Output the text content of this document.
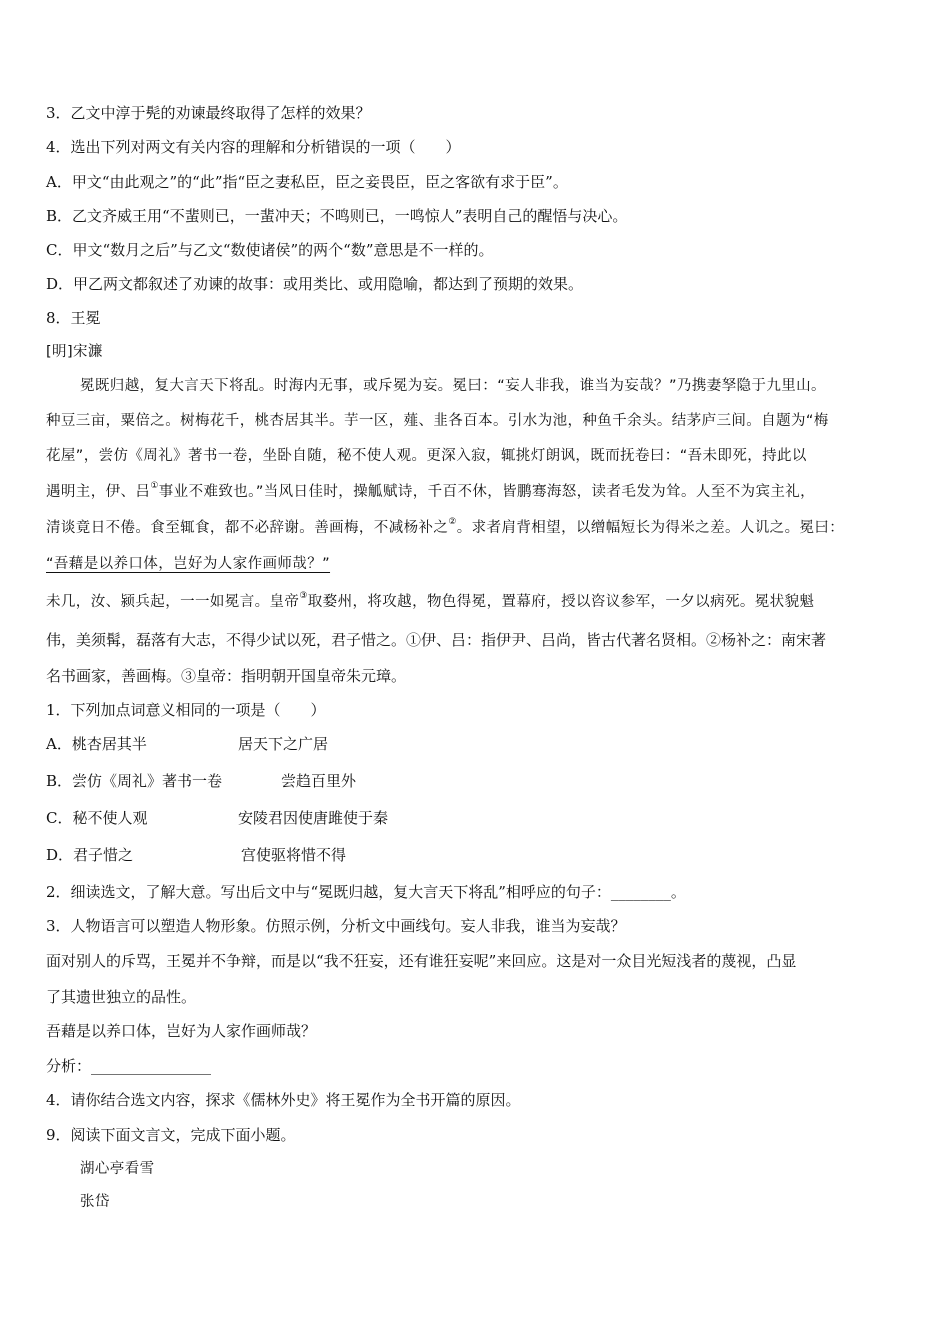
3．乙文中淳于髡的劝谏最终取得了怎样的效果？
4．选出下列对两文有关内容的理解和分析错误的一项（　　）
A．甲文“由此观之”的“此”指“臣之妻私臣，臣之妾畏臣，臣之客欲有求于臣”。
B．乙文齐威王用“不蜚则已，一蜚冲天；不鸣则已，一鸣惊人”表明自己的醒悟与决心。
C．甲文“数月之后”与乙文“数使诸侯”的两个“数”意思是不一样的。
D．甲乙两文都叙述了劝谏的故事：或用类比、或用隐喻，都达到了预期的效果。
8．王冕
[明]宋濂
冕既归越，复大言天下将乱。时海内无事，或斥冕为妄。冕曰：“妄人非我，谁当为妄哉？”乃携妻孥隐于九里山。
种豆三亩，粟倍之。树梅花千，桃杏居其半。芋一区，薤、韭各百本。引水为池，种鱼千余头。结茅庐三间。自题为“梅
花屋”，尝仿《周礼》著书一卷，坐卧自随，秘不使人观。更深入寂，辄挑灯朗讽，既而抚卷曰：“吾未即死，持此以
遇明主，伊、吕①事业不难致也。”当风日佳时，操觚赋诗，千百不休，皆鹏骞海怒，读者毛发为耸。人至不为宾主礼，
清谈竟日不倦。食至辄食，都不必辞谢。善画梅，不减杨补之②。求者肩背相望，以缯幅短长为得米之差。人讥之。冕曰：
“吾藉是以养口体，岂好为人家作画师哉？”
未几，汝、颍兵起，一一如冕言。皇帝③取婺州，将攻越，物色得冕，置幕府，授以咨议参军，一夕以病死。冕状貌魁
伟，美须髯，磊落有大志，不得少试以死，君子惜之。①伊、吕：指伊尹、吕尚，皆古代著名贤相。②杨补之：南宋著
名书画家，善画梅。③皇帝：指明朝开国皇帝朱元璋。
1．下列加点词意义相同的一项是（　　）
A．桃杏居其半	居天下之广居
B．尝仿《周礼》著书一卷	尝趋百里外
C．秘不使人观	安陵君因使唐雎使于秦
D．君子惜之	宫使驱将惜不得
2．细读选文，了解大意。写出后文中与“冕既归越，复大言天下将乱”相呼应的句子：________。
3．人物语言可以塑造人物形象。仿照示例，分析文中画线句。妄人非我，谁当为妄哉？
面对别人的斥骂，王冕并不争辩，而是以“我不狂妄，还有谁狂妄呢”来回应。这是对一众目光短浅者的蔑视，凸显
了其遗世独立的品性。
吾藉是以养口体，岂好为人家作画师哉？
分析：________________
4．请你结合选文内容，探求《儒林外史》将王冕作为全书开篇的原因。
9．阅读下面文言文，完成下面小题。
湖心亭看雪
张岱
